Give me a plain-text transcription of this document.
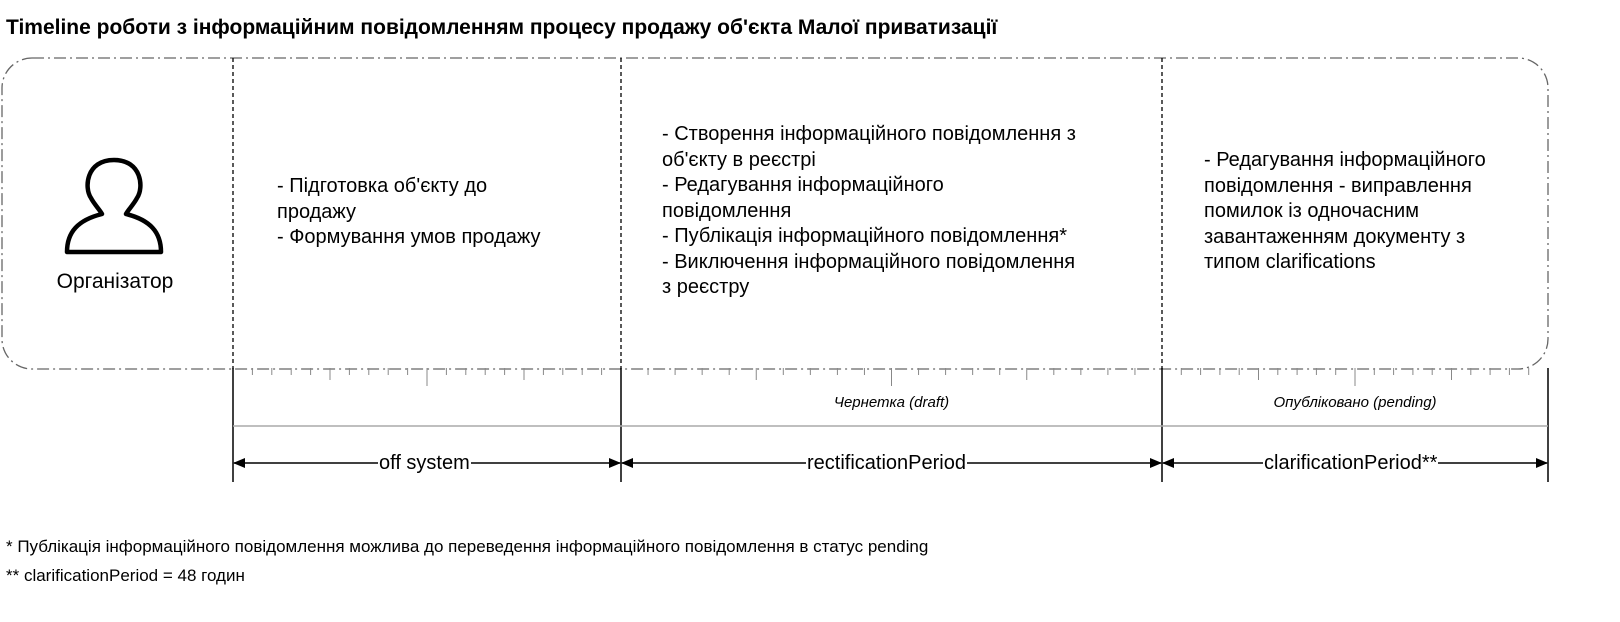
Timeline роботи з інформаційним повідомленням процесу продажу об'єкта Малої приватизації
Організатор
- Підготовка об'єкту до
продажу
- Формування умов продажу
- Створення інформаційного повідомлення з
об'єкту в реєстрі
- Редагування інформаційного
повідомлення
- Публікація інформаційного повідомлення*
- Виключення інформаційного повідомлення
з реєстру
- Редагування інформаційного
повідомлення - виправлення
помилок із одночасним
завантаженням документу з
типом clarifications
Чернетка (draft)	Опубліковано (pending)
off system	rectificationPeriod	clarificationPeriod**
* Публікація інформаційного повідомлення можлива до переведення інформаційного повідомлення в статус pending
** clarificationPeriod = 48 годин
